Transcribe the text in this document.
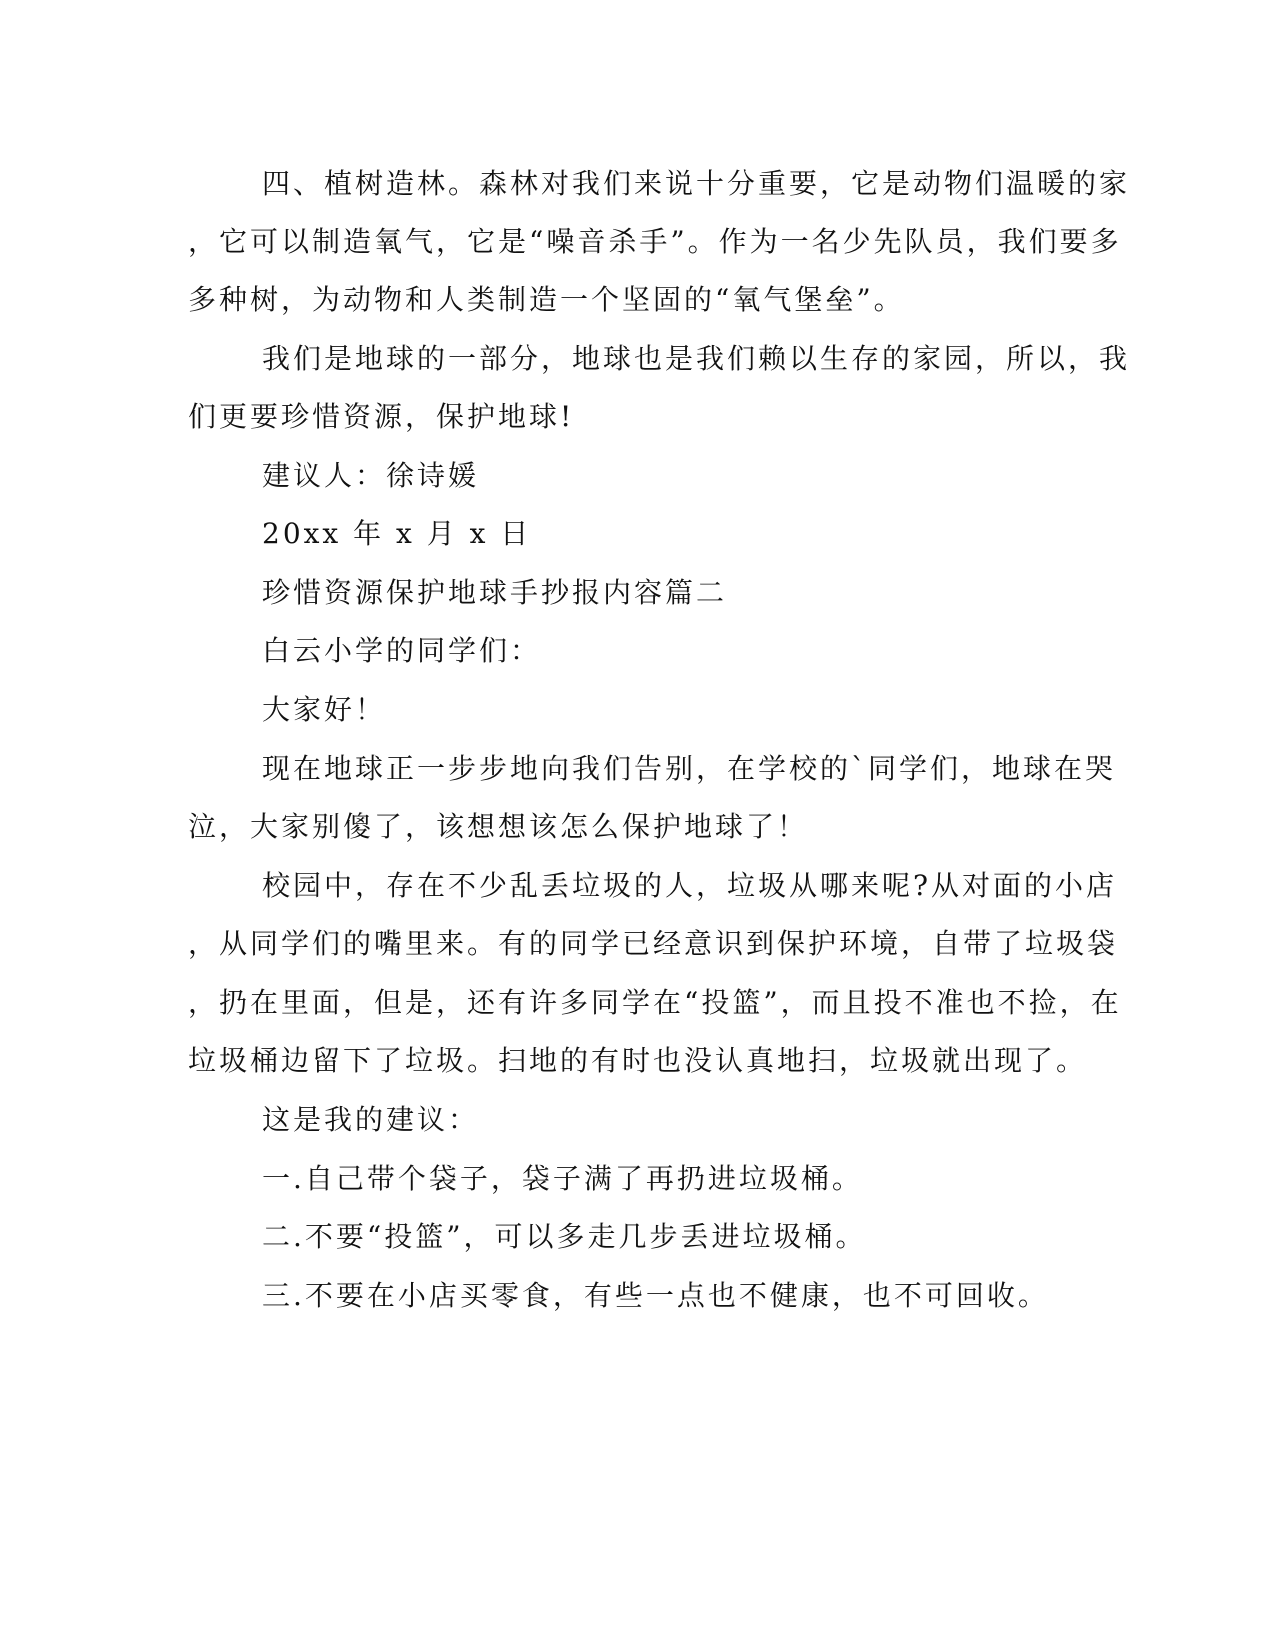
四、植树造林。森林对我们来说十分重要，它是动物们温暖的家
，它可以制造氧气，它是“噪音杀手”。作为一名少先队员，我们要多
多种树，为动物和人类制造一个坚固的“氧气堡垒”。
我们是地球的一部分，地球也是我们赖以生存的家园，所以，我
们更要珍惜资源，保护地球!
建议人：徐诗媛
20xx 年 x 月 x 日
珍惜资源保护地球手抄报内容篇二
白云小学的同学们：
大家好！
现在地球正一步步地向我们告别，在学校的`同学们，地球在哭
泣，大家别傻了，该想想该怎么保护地球了！
校园中，存在不少乱丢垃圾的人，垃圾从哪来呢?从对面的小店
，从同学们的嘴里来。有的同学已经意识到保护环境，自带了垃圾袋
，扔在里面，但是，还有许多同学在“投篮”，而且投不准也不捡，在
垃圾桶边留下了垃圾。扫地的有时也没认真地扫，垃圾就出现了。
这是我的建议：
一.自己带个袋子，袋子满了再扔进垃圾桶。
二.不要“投篮”，可以多走几步丢进垃圾桶。
三.不要在小店买零食，有些一点也不健康，也不可回收。
